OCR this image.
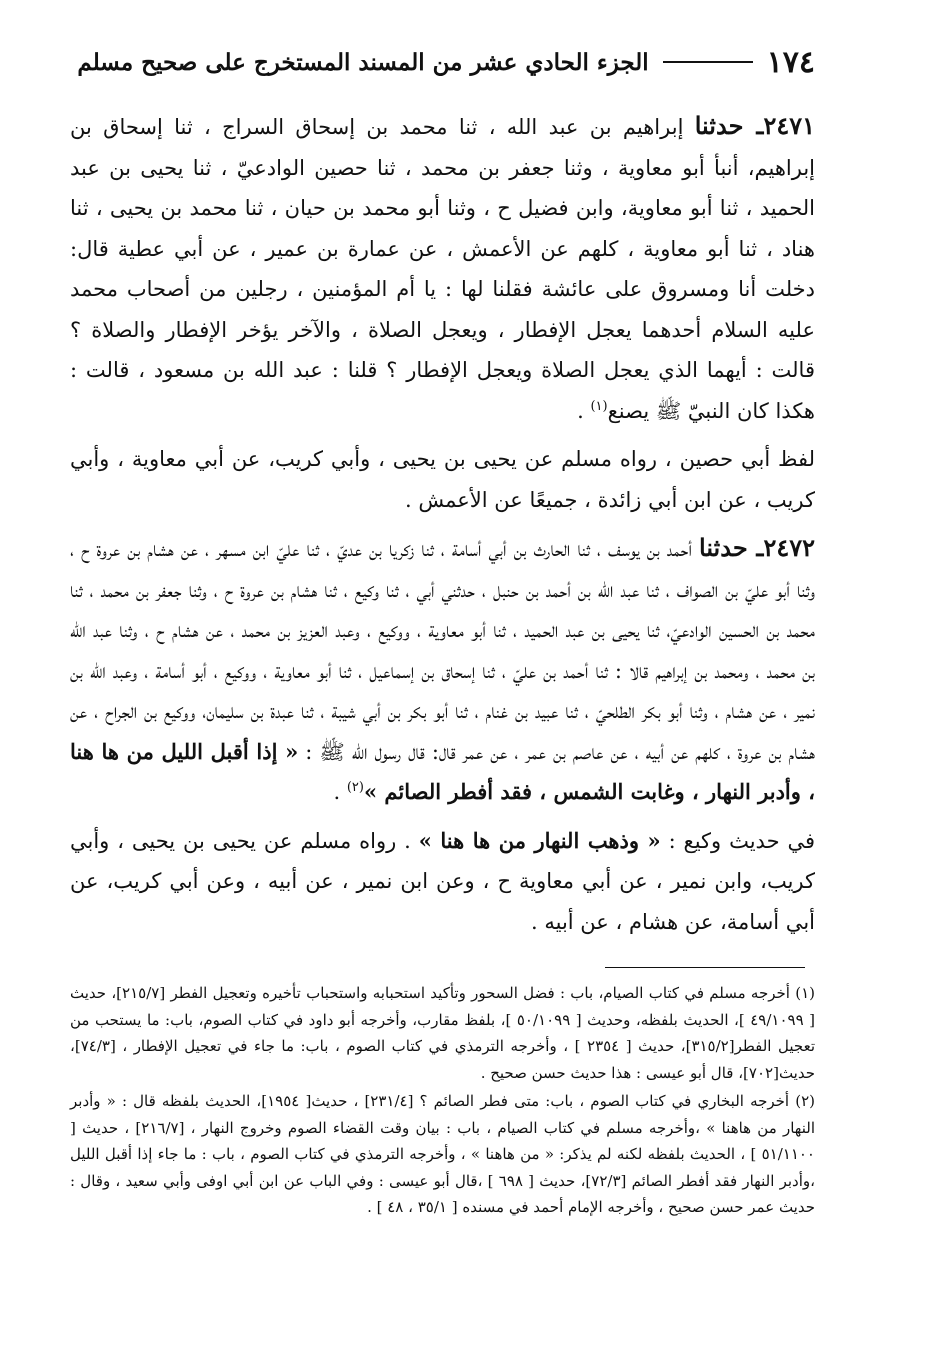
١٧٤
الجزء الحادي عشر من المسند المستخرج على صحيح مسلم

٢٤٧١ـ حدثنا إبراهيم بن عبد الله ، ثنا محمد بن إسحاق السراج ، ثنا إسحاق بن إبراهيم، أنبأ أبو معاوية ، وثنا جعفر بن محمد ، ثنا حصين الوادعيّ ، ثنا يحيى بن عبد الحميد ، ثنا أبو معاوية، وابن فضيل ح ، وثنا أبو محمد بن حيان ، ثنا محمد بن يحيى ، ثنا هناد ، ثنا أبو معاوية ، كلهم عن الأعمش ، عن عمارة بن عمير ، عن أبي عطية قال: دخلت أنا ومسروق على عائشة فقلنا لها : يا أم المؤمنين ، رجلين من أصحاب محمد عليه السلام أحدهما يعجل الإفطار ، ويعجل الصلاة ، والآخر يؤخر الإفطار والصلاة ؟ قالت : أيهما الذي يعجل الصلاة ويعجل الإفطار ؟ قلنا : عبد الله بن مسعود ، قالت : هكذا كان النبيّ ﷺ يصنع$^{(١)}$ .

لفظ أبي حصين ، رواه مسلم عن يحيى بن يحيى ، وأبي كريب، عن أبي معاوية ، وأبي كريب ، عن ابن أبي زائدة ، جميعًا عن الأعمش .

٢٤٧٢ـ حدثنا أحمد بن يوسف ، ثنا الحارث بن أبي أسامة ، ثنا زكريا بن عديّ ، ثنا عليّ ابن مسهر ، عن هشام بن عروة ح ، وثنا أبو عليّ بن الصواف ، ثنا عبد الله بن أحمد بن حنبل ، حدثني أبي ، ثنا وكيع ، ثنا هشام بن عروة ح ، وثنا جعفر بن محمد ، ثنا محمد بن الحسين الوادعيّ، ثنا يحيى بن عبد الحميد ، ثنا أبو معاوية ، ووكيع ، وعبد العزيز بن محمد ، عن هشام ح ، وثنا عبد الله بن محمد ، ومحمد بن إبراهيم قالا : ثنا أحمد بن عليّ ، ثنا إسحاق بن إسماعيل ، ثنا أبو معاوية ، ووكيع ، أبو أسامة ، وعبد الله بن نمير ، عن هشام ، وثنا أبو بكر الطلحيّ ، ثنا عبيد بن غنام ، ثنا أبو بكر بن أبي شيبة ، ثنا عبدة بن سليمان، ووكيع بن الجراح ، عن هشام بن عروة ، كلهم عن أبيه ، عن عاصم بن عمر ، عن عمر قال: قال رسول الله ﷺ : « إذا أقبل الليل من ها هنا ، وأدبر النهار ، وغابت الشمس ، فقد أفطر الصائم »$^{(٢)}$ .

في حديث وكيع : « وذهب النهار من ها هنا » . رواه مسلم عن يحيى بن يحيى ، وأبي كريب، وابن نمير ، عن أبي معاوية ح ، وعن ابن نمير ، عن أبيه ، وعن أبي كريب، عن أبي أسامة، عن هشام ، عن أبيه .

(١) أخرجه مسلم في كتاب الصيام، باب : فضل السحور وتأكيد استحبابه واستحباب تأخيره وتعجيل الفطر [٢١٥/٧]، حديث [ ٤٩/١٠٩٩ ]، الحديث بلفظه، وحديث [ ٥٠/١٠٩٩ ]، بلفظ مقارب، وأخرجه أبو داود في كتاب الصوم، باب: ما يستحب من تعجيل الفطر[٣١٥/٢]، حديث [ ٢٣٥٤ ] ، وأخرجه الترمذي في كتاب الصوم ، باب: ما جاء في تعجيل الإفطار ، [٧٤/٣]، حديث[٧٠٢]، قال أبو عيسى : هذا حديث حسن صحيح .

(٢) أخرجه البخاري في كتاب الصوم ، باب: متى فطر الصائم ؟ [٢٣١/٤] ، حديث[ ١٩٥٤]، الحديث بلفظه قال : « وأدبر النهار من هاهنا » ،وأخرجه مسلم في كتاب الصيام ، باب : بيان وقت القضاء الصوم وخروج النهار ، [٢١٦/٧] ، حديث [ ٥١/١١٠٠ ] ، الحديث بلفظه لكنه لم يذكر: « من هاهنا » ، وأخرجه الترمذي في كتاب الصوم ، باب : ما جاء إذا أقبل الليل ،وأدبر النهار فقد أفطر الصائم [٧٢/٣]، حديث [ ٦٩٨ ] ،قال أبو عيسى : وفي الباب عن ابن أبي اوفى وأبي سعيد ، وقال : حديث عمر حسن صحيح ، وأخرجه الإمام أحمد في مسنده [ ٣٥/١ ، ٤٨ ] .
